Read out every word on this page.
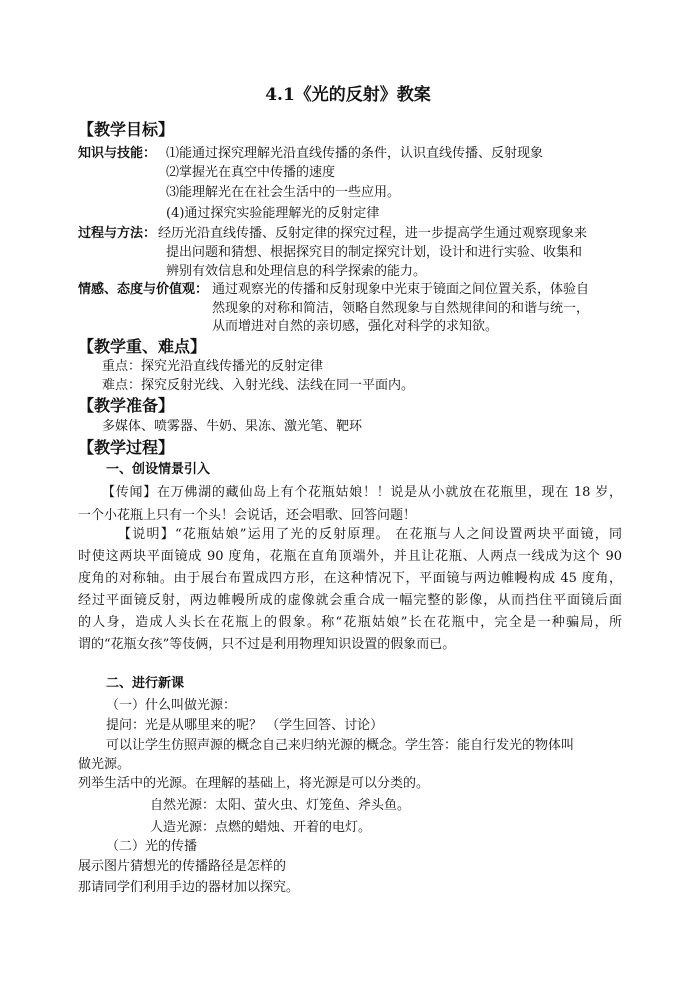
4.1《光的反射》教案
【教学目标】
知识与技能： ⑴能通过探究理解光沿直线传播的条件，认识直线传播、反射现象
⑵掌握光在真空中传播的速度
⑶能理解光在在社会生活中的一些应用。
(4)通过探究实验能理解光的反射定律
过程与方法： 经历光沿直线传播、反射定律的探究过程，进一步提高学生通过观察现象来
提出问题和猜想、根据探究目的制定探究计划，设计和进行实验、收集和
辨别有效信息和处理信息的科学探索的能力。
情感、态度与价值观： 通过观察光的传播和反射现象中光束于镜面之间位置关系，体验自
然现象的对称和简洁，领略自然现象与自然规律间的和谐与统一，
从而增进对自然的亲切感，强化对科学的求知欲。
【教学重、难点】
重点：探究光沿直线传播光的反射定律
难点：探究反射光线、入射光线、法线在同一平面内。
【教学准备】
多媒体、喷雾器、牛奶、果冻、激光笔、靶环
【教学过程】
一、创设情景引入
【传闻】在万佛湖的藏仙岛上有个花瓶姑娘！！说是从小就放在花瓶里，现在 18 岁，
一个小花瓶上只有一个头！会说话，还会唱歌、回答问题！
【说明】“花瓶姑娘”运用了光的反射原理。 在花瓶与人之间设置两块平面镜，同
时使这两块平面镜成 90 度角，花瓶在直角顶端外，并且让花瓶、人两点一线成为这个 90
度角的对称轴。由于展台布置成四方形，在这种情况下，平面镜与两边帷幔构成 45 度角，
经过平面镜反射，两边帷幔所成的虚像就会重合成一幅完整的影像，从而挡住平面镜后面
的人身，造成人头长在花瓶上的假象。称“花瓶姑娘”长在花瓶中，完全是一种骗局，所
谓的“花瓶女孩”等伎俩，只不过是利用物理知识设置的假象而已。
二、进行新课
（一）什么叫做光源：
提问：光是从哪里来的呢？ （学生回答、讨论）
可以让学生仿照声源的概念自己来归纳光源的概念。学生答：能自行发光的物体叫
做光源。
列举生活中的光源。在理解的基础上，将光源是可以分类的。
自然光源：太阳、萤火虫、灯笼鱼、斧头鱼。
人造光源：点燃的蜡烛、开着的电灯。
（二）光的传播
展示图片猜想光的传播路径是怎样的
那请同学们利用手边的器材加以探究。
